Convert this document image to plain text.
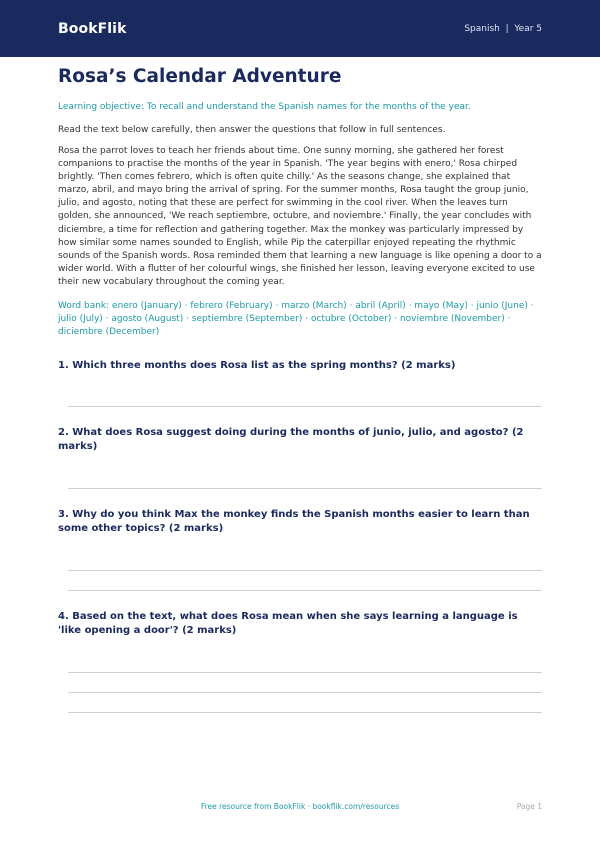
BookFlik	Spanish  |  Year 5
Rosa’s Calendar Adventure
Learning objective: To recall and understand the Spanish names for the months of the year.
Read the text below carefully, then answer the questions that follow in full sentences.
Rosa the parrot loves to teach her friends about time. One sunny morning, she gathered her forest companions to practise the months of the year in Spanish. 'The year begins with enero,' Rosa chirped brightly. 'Then comes febrero, which is often quite chilly.' As the seasons change, she explained that marzo, abril, and mayo bring the arrival of spring. For the summer months, Rosa taught the group junio, julio, and agosto, noting that these are perfect for swimming in the cool river. When the leaves turn golden, she announced, 'We reach septiembre, octubre, and noviembre.' Finally, the year concludes with diciembre, a time for reflection and gathering together. Max the monkey was particularly impressed by how similar some names sounded to English, while Pip the caterpillar enjoyed repeating the rhythmic sounds of the Spanish words. Rosa reminded them that learning a new language is like opening a door to a wider world. With a flutter of her colourful wings, she finished her lesson, leaving everyone excited to use their new vocabulary throughout the coming year.
Word bank: enero (January) · febrero (February) · marzo (March) · abril (April) · mayo (May) · junio (June) · julio (July) · agosto (August) · septiembre (September) · octubre (October) · noviembre (November) · diciembre (December)
1. Which three months does Rosa list as the spring months? (2 marks)
2. What does Rosa suggest doing during the months of junio, julio, and agosto? (2 marks)
3. Why do you think Max the monkey finds the Spanish months easier to learn than some other topics? (2 marks)
4. Based on the text, what does Rosa mean when she says learning a language is 'like opening a door'? (2 marks)
Free resource from BookFlik · bookflik.com/resources	Page 1
